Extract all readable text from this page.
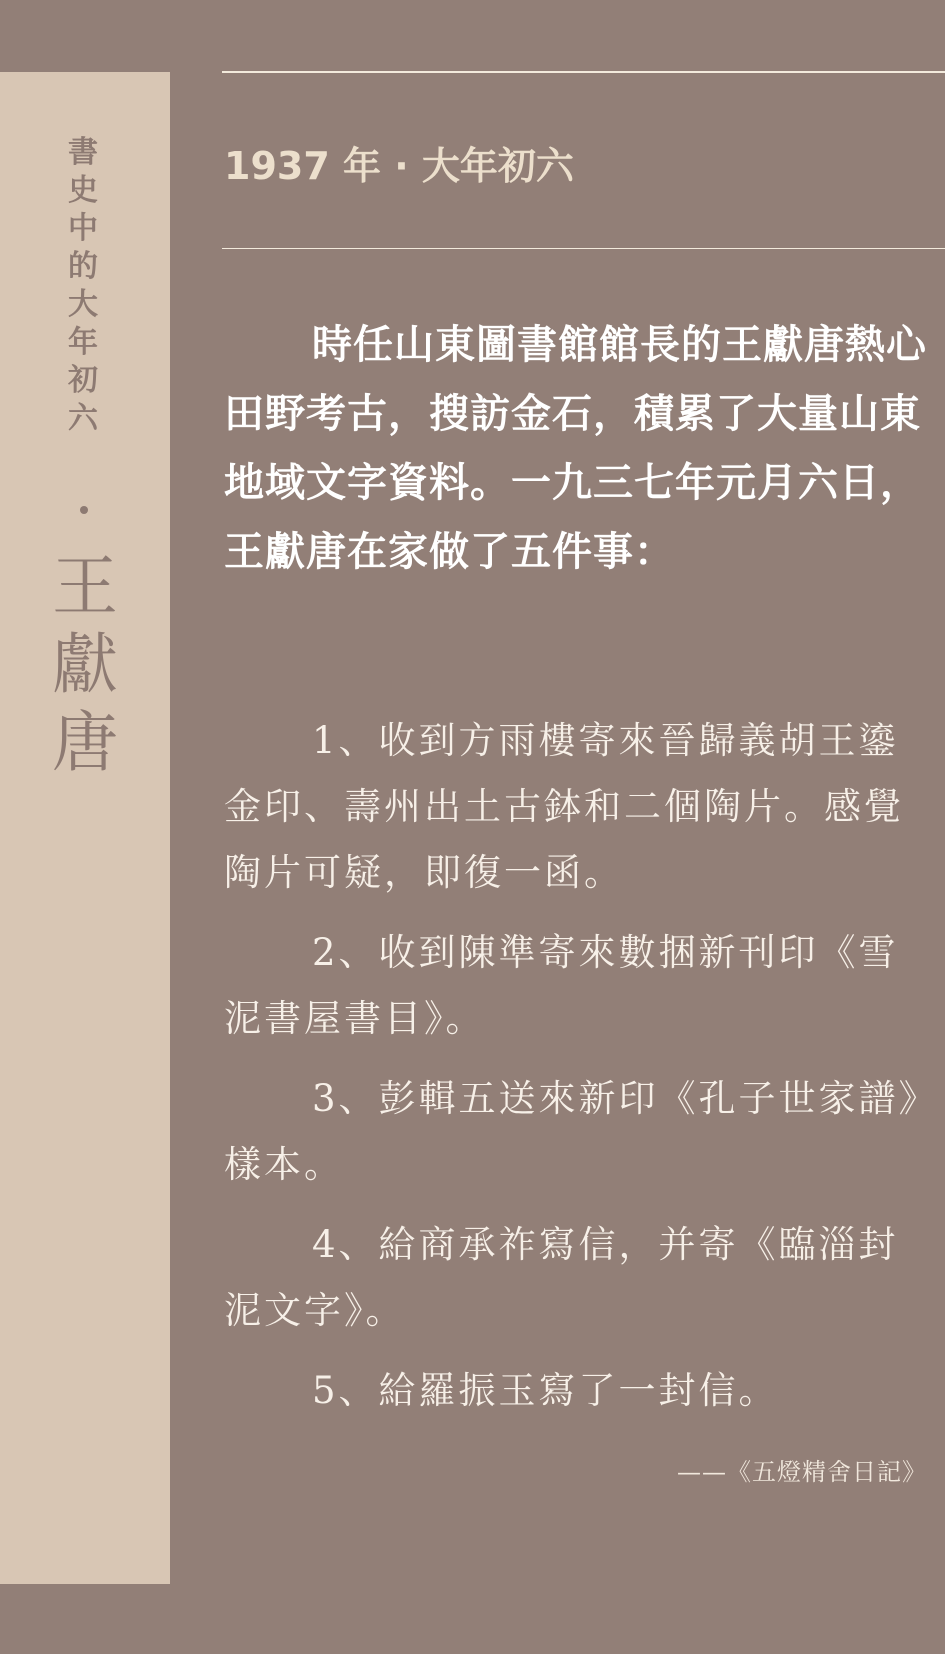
書
史
中
的
大
年
初
六
王
獻
唐
1937 年 · 大年初六

時任山東圖書館館長的王獻唐熱心田野考古，搜訪金石，積累了大量山東地域文字資料。一九三七年元月六日，王獻唐在家做了五件事：

1、收到方雨樓寄來晉歸義胡王鎏金印、壽州出土古鉢和二個陶片。感覺陶片可疑，即復一函。
2、收到陳準寄來數捆新刊印《雪泥書屋書目》。
3、彭輯五送來新印《孔子世家譜》樣本。
4、給商承祚寫信，并寄《臨淄封泥文字》。
5、給羅振玉寫了一封信。
——《五燈精舍日記》
